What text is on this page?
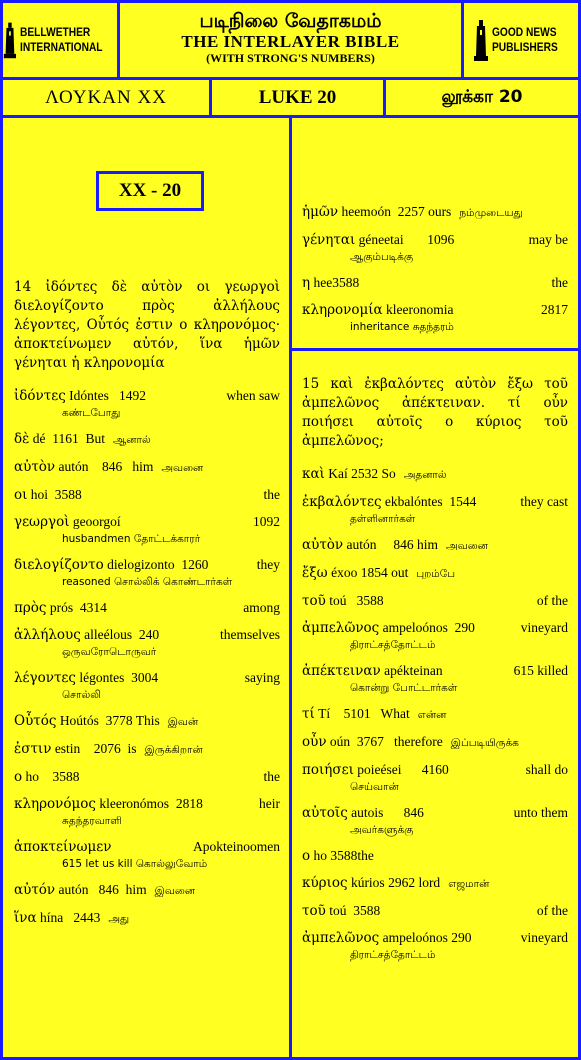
BELLWETHER
INTERNATIONAL
படிநிலை வேதாகமம்
THE INTERLAYER BIBLE
(WITH STRONG'S NUMBERS)
GOOD NEWS
PUBLISHERS
ΛΟΥΚΑΝ XX	LUKE 20	லூக்கா 20
XX - 20
14 ἰδόντες δὲ αὐτὸν οι γεωργοὶ διελογίζοντο πρὸς ἀλλήλους λέγοντες, Οὗτός ἐστιν ο κληρονόμος· ἀποκτείνωμεν αὐτόν, ἵνα ἡμῶν γένηται ἡ κληρονομία
ἰδόντες Idóntes   1492	when saw
கண்டபோது
δὲ dé  1161  But ஆனால்
αὐτὸν autón    846   him அவனை
οι hoi  3588	the
γεωργοὶ geoorgoí	1092
husbandmen தோட்டக்காரர்
διελογίζοντο dielogizonto  1260	they
reasoned சொல்லிக் கொண்டார்கள்
πρὸς prós  4314	among
ἀλλήλους alleélous  240	themselves
ஒருவரோடொருவர்
λέγοντες légontes  3004	saying
சொல்லி
Οὗτός Hoútós  3778 This இவன்
ἐστιν estin    2076  is இருக்கிறான்
ο ho    3588	the
κληρονόμος kleeronómos  2818	heir
சுதந்தரவாளி
ἀποκτείνωμεν	Apokteinoomen
615 let us kill கொல்லுவோம்
αὐτόν autón   846  him இவனை
ἵνα hína   2443 அது
ἡμῶν heemoón  2257 ours நம்முடையது
γένηται géneetai       1096	may be
ஆகும்படிக்கு
η hee3588	the
κληρονομία kleeronomia	2817
inheritance சுதந்தரம்
15 καὶ ἐκβαλόντες αὐτὸν ἔξω τοῦ ἀμπελῶνος ἀπέκτειναν. τί οὖν ποιήσει αὐτοῖς ο κύριος τοῦ ἀμπελῶνος;
καὶ Kaí 2532 So அதனால்
ἐκβαλόντες ekbalóntes  1544	they cast
தள்ளினார்கள்
αὐτὸν autón     846 him அவனை
ἔξω éxoo 1854 out புறம்பே
τοῦ toú   3588	of the
ἀμπελῶνος ampeloónos  290	vineyard
திராட்சத்தோட்டம்
ἀπέκτειναν apékteinan	615 killed
கொன்று போட்டார்கள்
τί Tí    5101   What என்ன
οὖν oún  3767   therefore இப்படியிருக்க
ποιήσει poieései      4160	shall do
செய்வான்
αὐτοῖς autois      846	unto them
அவர்களுக்கு
ο ho 3588the
κύριος kúrios 2962 lord எஜமான்
τοῦ toú  3588	of the
ἀμπελῶνος ampeloónos 290	vineyard
திராட்சத்தோட்டம்
